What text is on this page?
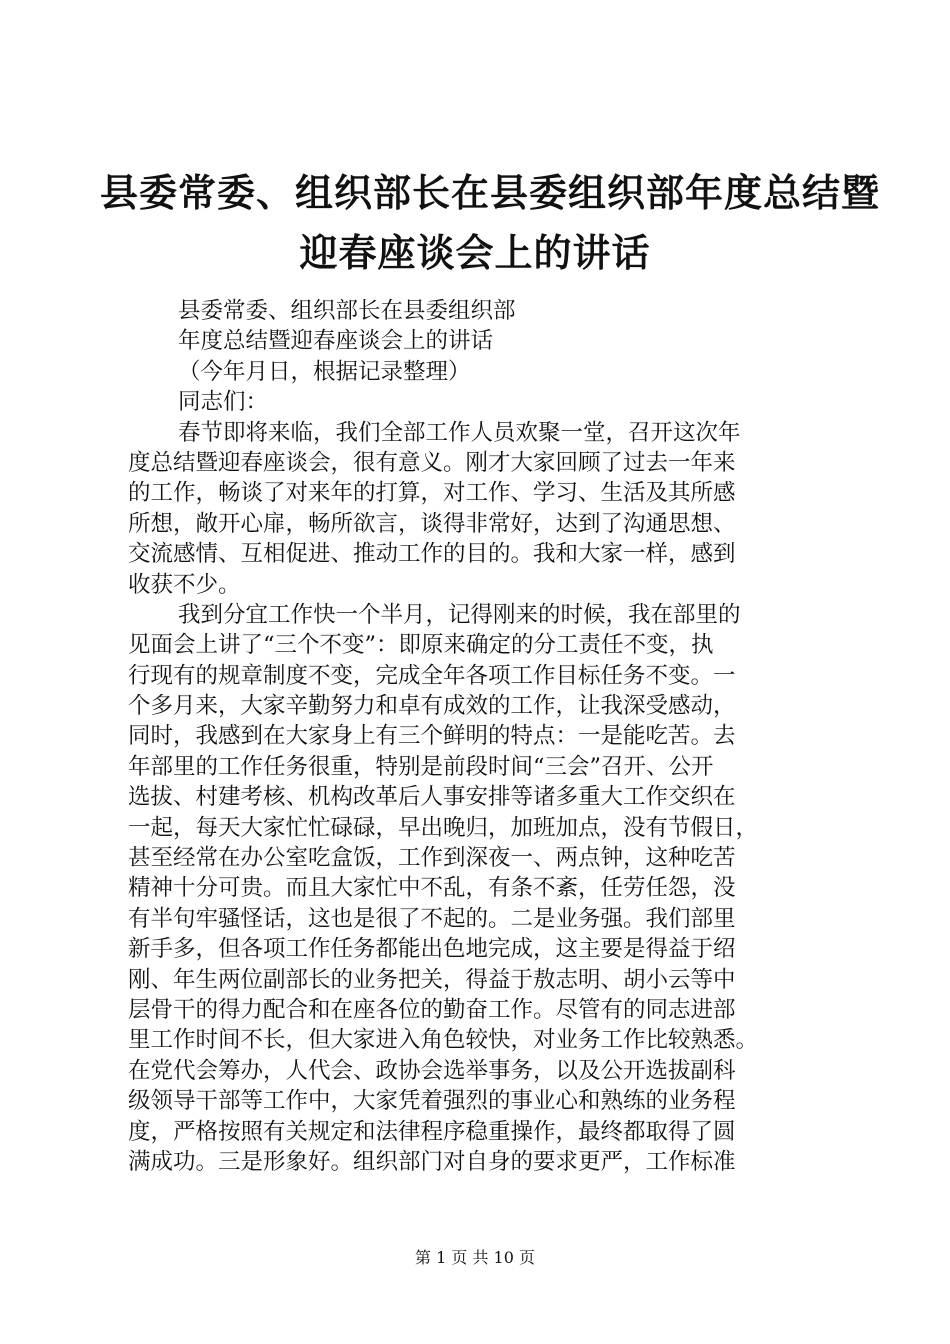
县委常委、组织部长在县委组织部年度总结暨
迎春座谈会上的讲话
县委常委、组织部长在县委组织部
年度总结暨迎春座谈会上的讲话
（今年月日，根据记录整理）
同志们：
春节即将来临，我们全部工作人员欢聚一堂，召开这次年
度总结暨迎春座谈会，很有意义。刚才大家回顾了过去一年来
的工作，畅谈了对来年的打算，对工作、学习、生活及其所感
所想，敞开心扉，畅所欲言，谈得非常好，达到了沟通思想、
交流感情、互相促进、推动工作的目的。我和大家一样，感到
收获不少。
我到分宜工作快一个半月，记得刚来的时候，我在部里的
见面会上讲了“三个不变”：即原来确定的分工责任不变，执
行现有的规章制度不变，完成全年各项工作目标任务不变。一
个多月来，大家辛勤努力和卓有成效的工作，让我深受感动，
同时，我感到在大家身上有三个鲜明的特点：一是能吃苦。去
年部里的工作任务很重，特别是前段时间“三会”召开、公开
选拔、村建考核、机构改革后人事安排等诸多重大工作交织在
一起，每天大家忙忙碌碌，早出晚归，加班加点，没有节假日，
甚至经常在办公室吃盒饭，工作到深夜一、两点钟，这种吃苦
精神十分可贵。而且大家忙中不乱，有条不紊，任劳任怨，没
有半句牢骚怪话，这也是很了不起的。二是业务强。我们部里
新手多，但各项工作任务都能出色地完成，这主要是得益于绍
刚、年生两位副部长的业务把关，得益于敖志明、胡小云等中
层骨干的得力配合和在座各位的勤奋工作。尽管有的同志进部
里工作时间不长，但大家进入角色较快，对业务工作比较熟悉。
在党代会筹办，人代会、政协会选举事务，以及公开选拔副科
级领导干部等工作中，大家凭着强烈的事业心和熟练的业务程
度，严格按照有关规定和法律程序稳重操作，最终都取得了圆
满成功。三是形象好。组织部门对自身的要求更严，工作标准
第 1 页 共 10 页
